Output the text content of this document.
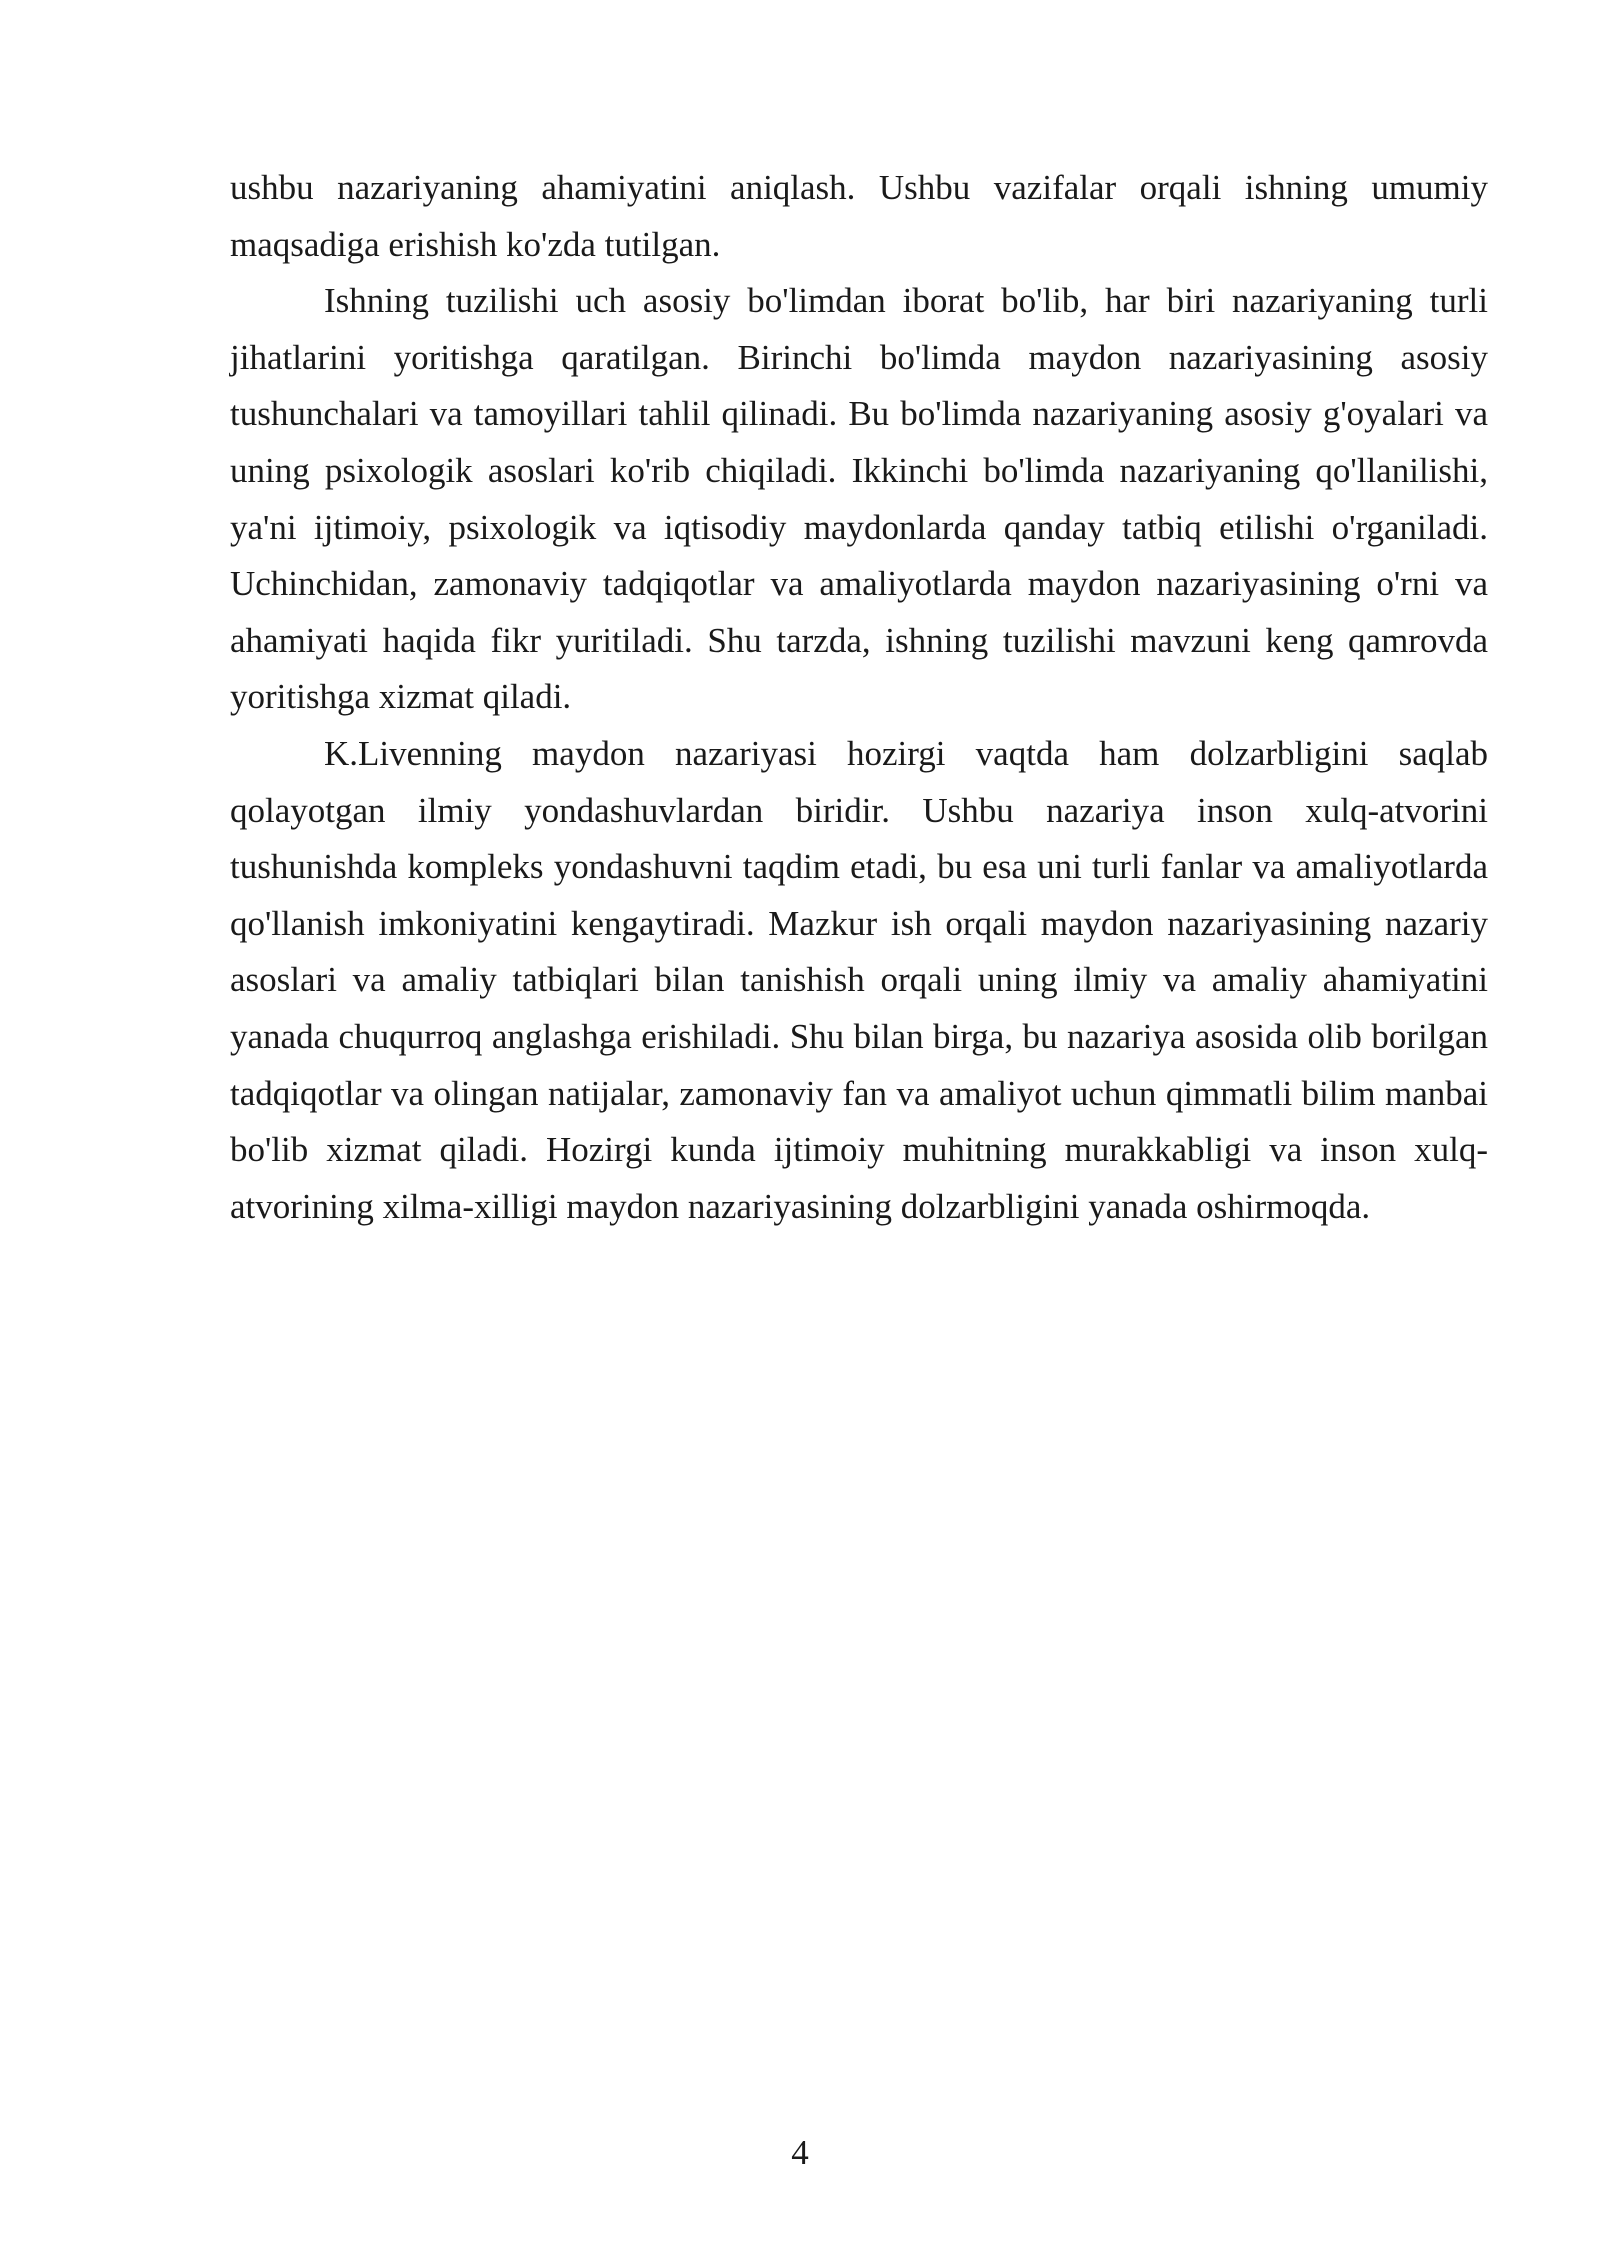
ushbu nazariyaning ahamiyatini aniqlash. Ushbu vazifalar orqali ishning umumiy maqsadiga erishish ko'zda tutilgan.

Ishning tuzilishi uch asosiy bo'limdan iborat bo'lib, har biri nazariyaning turli jihatlarini yoritishga qaratilgan. Birinchi bo'limda maydon nazariyasining asosiy tushunchalari va tamoyillari tahlil qilinadi. Bu bo'limda nazariyaning asosiy g'oyalari va uning psixologik asoslari ko'rib chiqiladi. Ikkinchi bo'limda nazariyaning qo'llanilishi, ya'ni ijtimoiy, psixologik va iqtisodiy maydonlarda qanday tatbiq etilishi o'rganiladi. Uchinchidan, zamonaviy tadqiqotlar va amaliyotlarda maydon nazariyasining o'rni va ahamiyati haqida fikr yuritiladi. Shu tarzda, ishning tuzilishi mavzuni keng qamrovda yoritishga xizmat qiladi.

K.Livenning maydon nazariyasi hozirgi vaqtda ham dolzarbligini saqlab qolayotgan ilmiy yondashuvlardan biridir. Ushbu nazariya inson xulq-atvorini tushunishda kompleks yondashuvni taqdim etadi, bu esa uni turli fanlar va amaliyotlarda qo'llanish imkoniyatini kengaytiradi. Mazkur ish orqali maydon nazariyasining nazariy asoslari va amaliy tatbiqlari bilan tanishish orqali uning ilmiy va amaliy ahamiyatini yanada chuqurroq anglashga erishiladi. Shu bilan birga, bu nazariya asosida olib borilgan tadqiqotlar va olingan natijalar, zamonaviy fan va amaliyot uchun qimmatli bilim manbai bo'lib xizmat qiladi. Hozirgi kunda ijtimoiy muhitning murakkabligi va inson xulq-atvorining xilma-xilligi maydon nazariyasining dolzarbligini yanada oshirmoqda.

4
